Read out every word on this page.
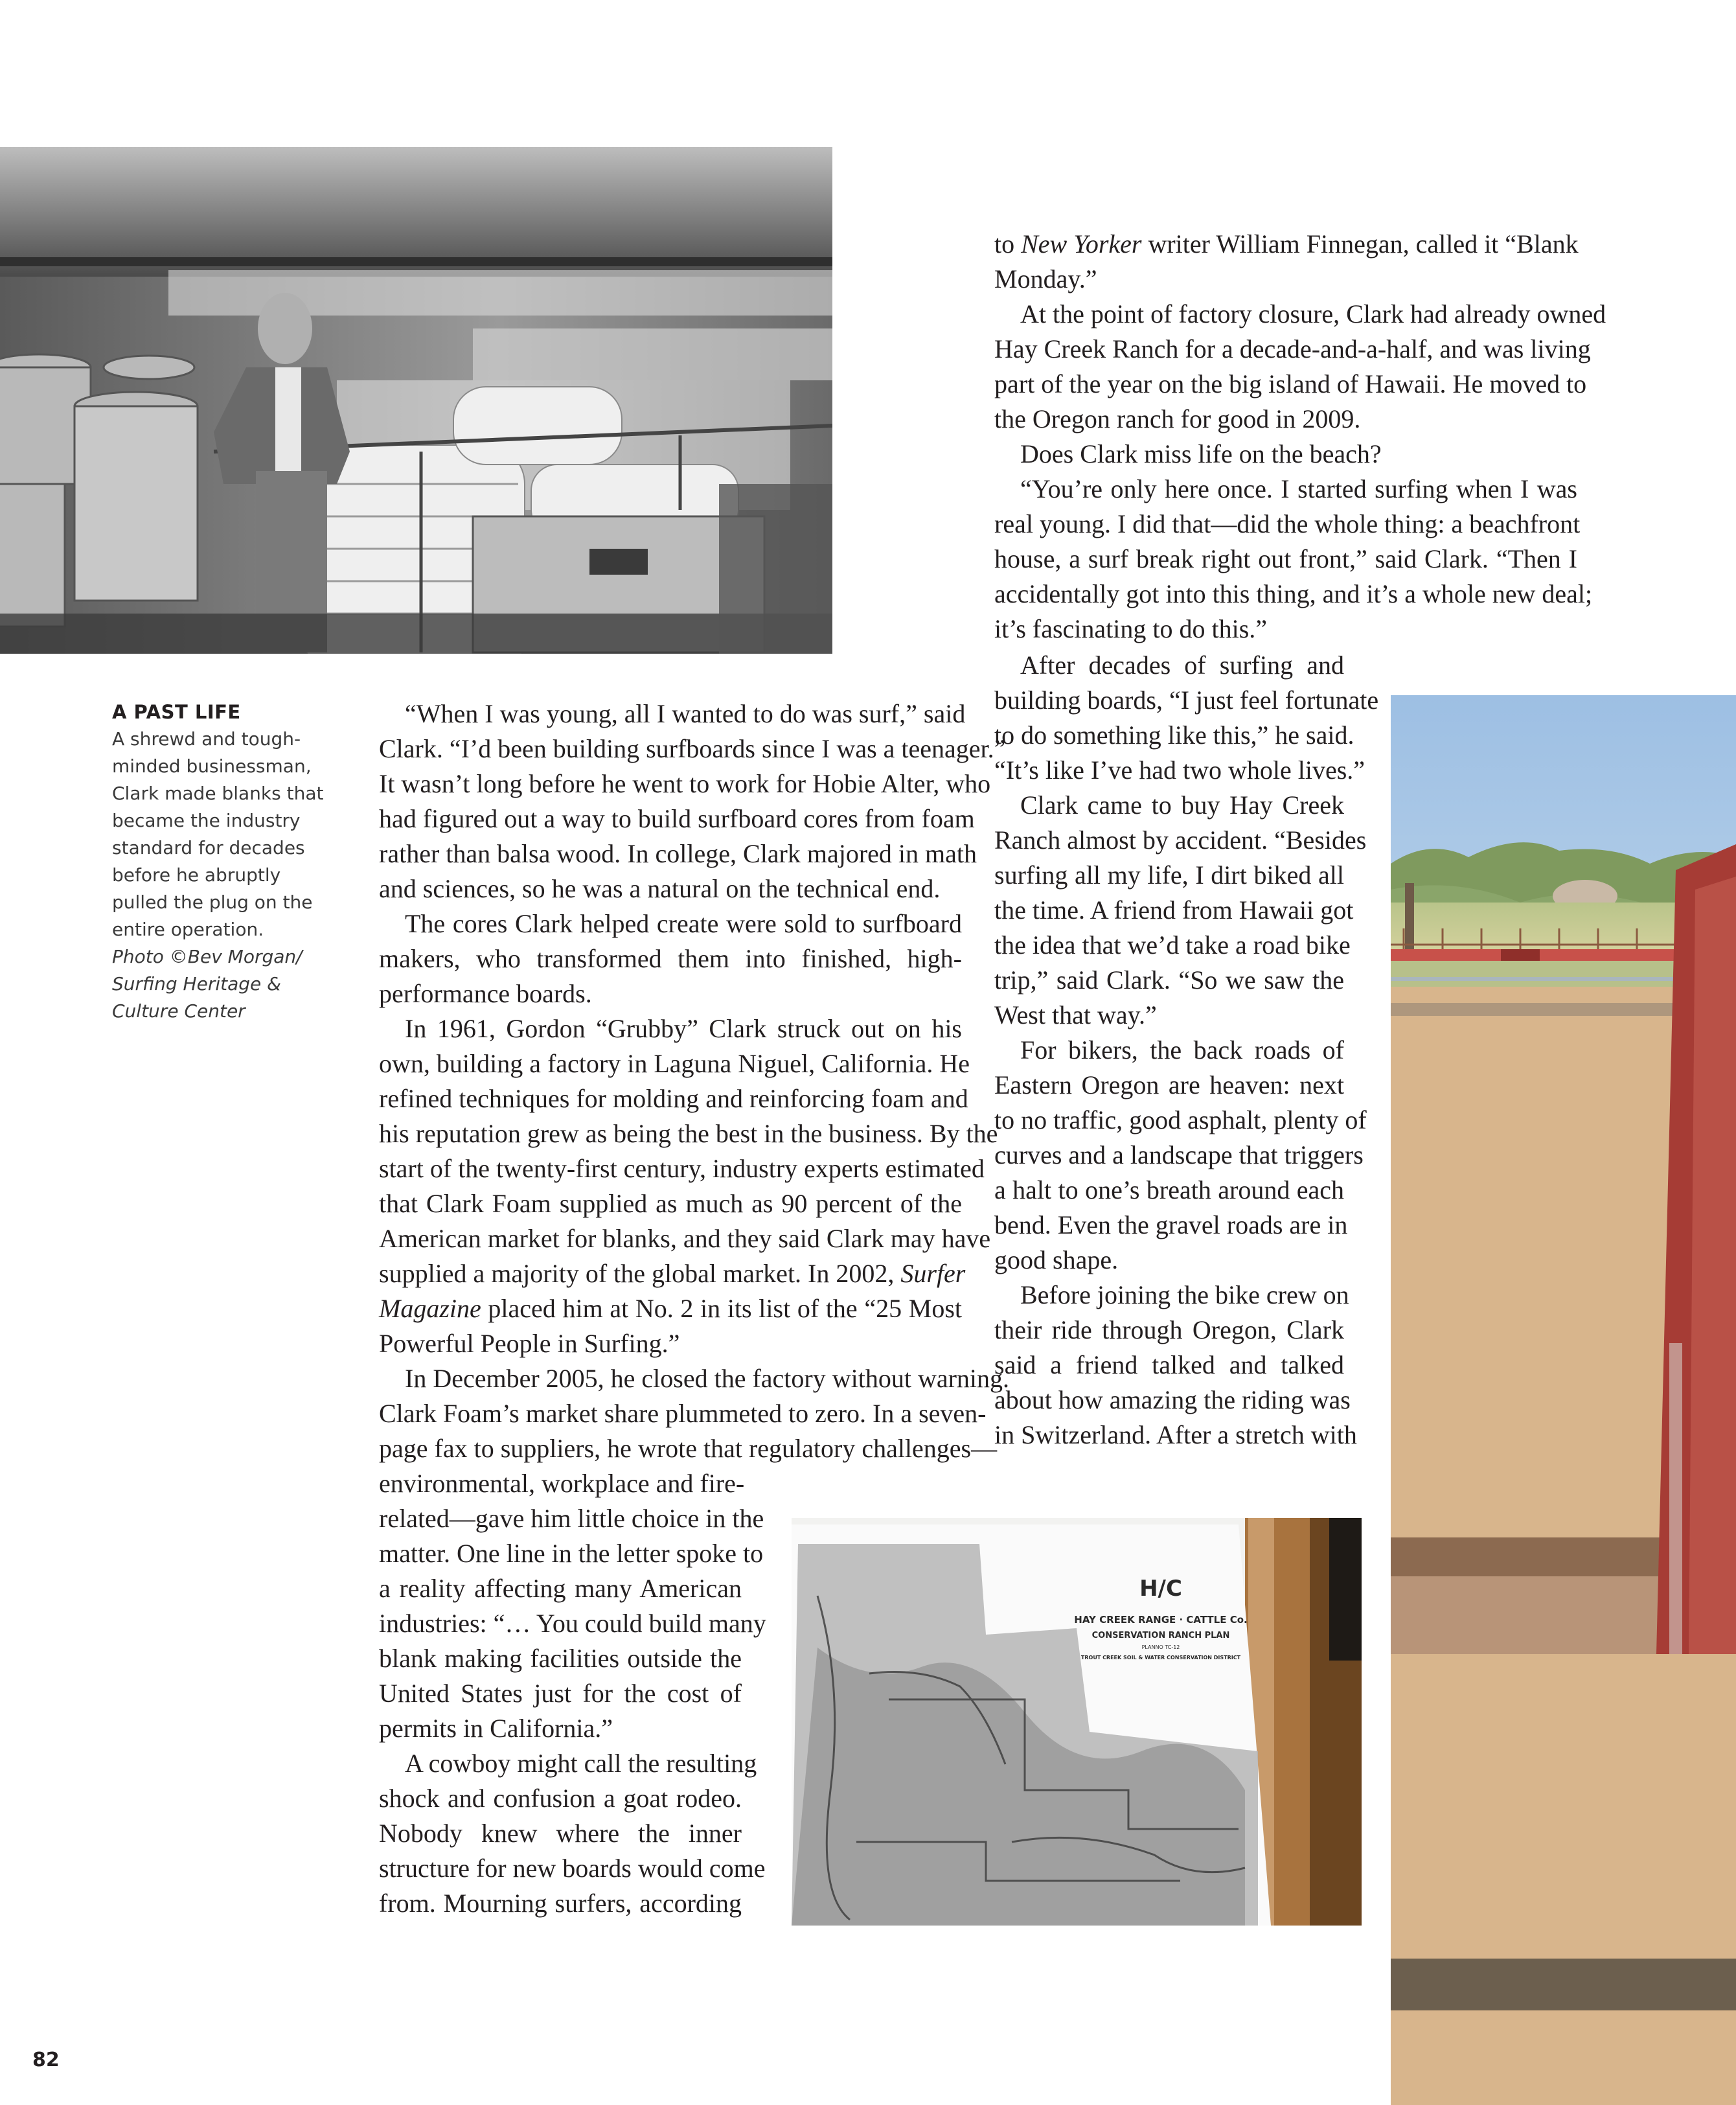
A PAST LIFE
A shrewd and tough-
minded businessman,
Clark made blanks that
became the industry
standard for decades
before he abruptly
pulled the plug on the
entire operation.
Photo ©Bev Morgan/
Surfing Heritage &
Culture Center
“When I was young, all I wanted to do was surf,” said
Clark. “I’d been building surfboards since I was a teenager.”
It wasn’t long before he went to work for Hobie Alter, who
had figured out a way to build surfboard cores from foam
rather than balsa wood. In college, Clark majored in math
and sciences, so he was a natural on the technical end.
The cores Clark helped create were sold to surfboard
makers, who transformed them into finished, high-
performance boards.
In 1961, Gordon “Grubby” Clark struck out on his
own, building a factory in Laguna Niguel, California. He
refined techniques for molding and reinforcing foam and
his reputation grew as being the best in the business. By the
start of the twenty-first century, industry experts estimated
that Clark Foam supplied as much as 90 percent of the
American market for blanks, and they said Clark may have
supplied a majority of the global market. In 2002, Surfer
Magazine placed him at No. 2 in its list of the “25 Most
Powerful People in Surfing.”
In December 2005, he closed the factory without warning.
Clark Foam’s market share plummeted to zero. In a seven-
page fax to suppliers, he wrote that regulatory challenges—
environmental, workplace and fire-
related—gave him little choice in the
matter. One line in the letter spoke to
a reality affecting many American
industries: “… You could build many
blank making facilities outside the
United States just for the cost of
permits in California.”
A cowboy might call the resulting
shock and confusion a goat rodeo.
Nobody knew where the inner
structure for new boards would come
from. Mourning surfers, according
to New Yorker writer William Finnegan, called it “Blank
Monday.”
At the point of factory closure, Clark had already owned
Hay Creek Ranch for a decade-and-a-half, and was living
part of the year on the big island of Hawaii. He moved to
the Oregon ranch for good in 2009.
Does Clark miss life on the beach?
“You’re only here once. I started surfing when I was
real young. I did that—did the whole thing: a beachfront
house, a surf break right out front,” said Clark. “Then I
accidentally got into this thing, and it’s a whole new deal;
it’s fascinating to do this.”
After decades of surfing and
building boards, “I just feel fortunate
to do something like this,” he said.
“It’s like I’ve had two whole lives.”
Clark came to buy Hay Creek
Ranch almost by accident. “Besides
surfing all my life, I dirt biked all
the time. A friend from Hawaii got
the idea that we’d take a road bike
trip,” said Clark. “So we saw the
West that way.”
For bikers, the back roads of
Eastern Oregon are heaven: next
to no traffic, good asphalt, plenty of
curves and a landscape that triggers
a halt to one’s breath around each
bend. Even the gravel roads are in
good shape.
Before joining the bike crew on
their ride through Oregon, Clark
said a friend talked and talked
about how amazing the riding was
in Switzerland. After a stretch with
H/C
HAY CREEK RANGE · CATTLE Co.
CONSERVATION RANCH PLAN
PLANNO TC-12
TROUT CREEK SOIL & WATER CONSERVATION DISTRICT
82
